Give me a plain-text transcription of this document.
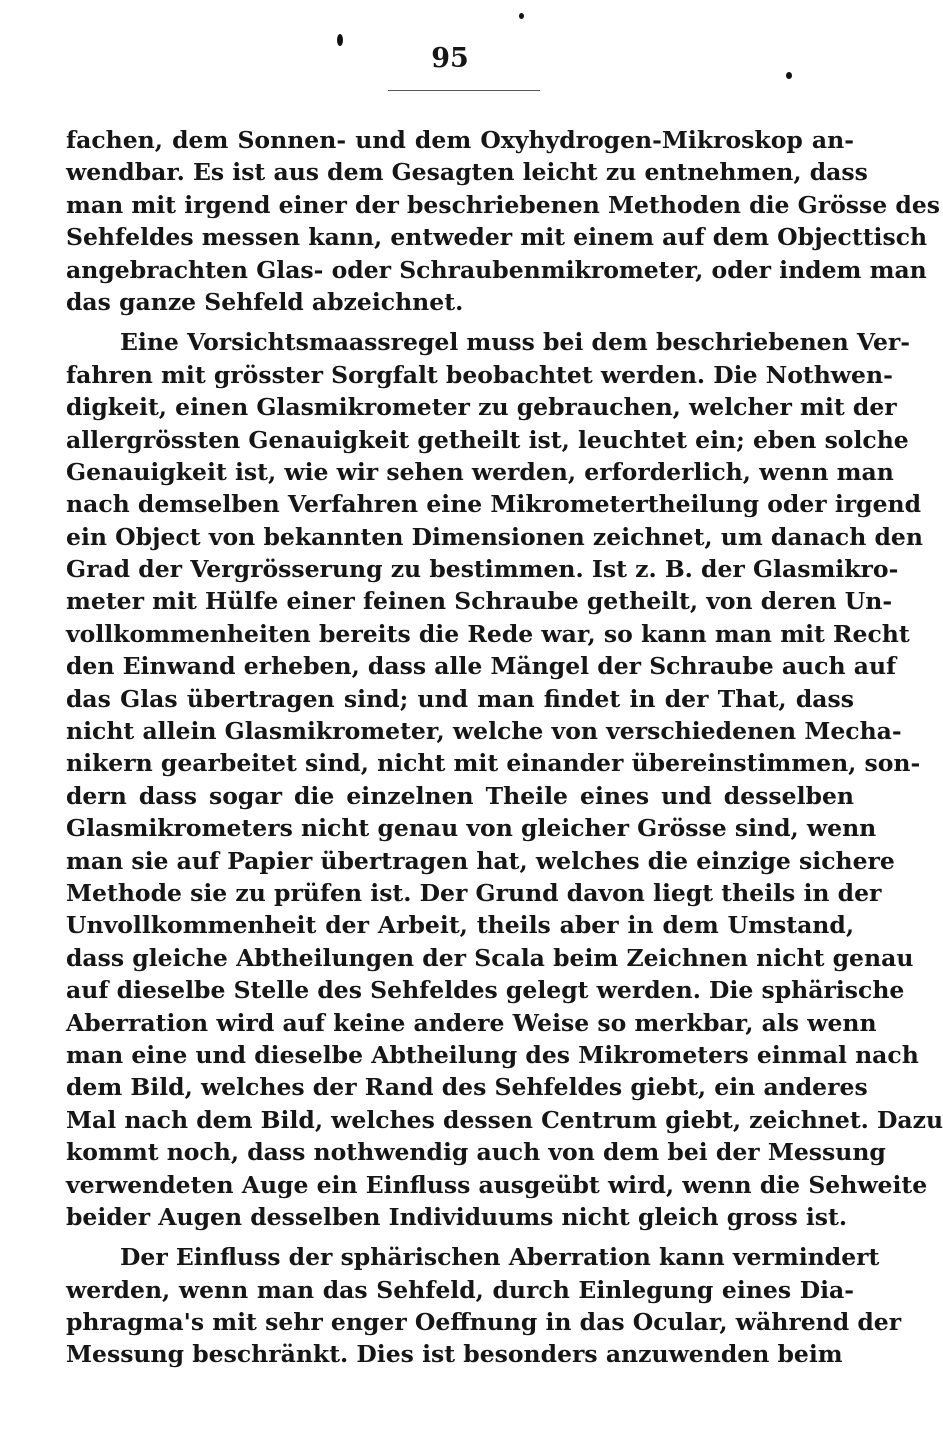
95
fachen, dem Sonnen- und dem Oxyhydrogen-Mikroskop an-
wendbar. Es ist aus dem Gesagten leicht zu entnehmen, dass
man mit irgend einer der beschriebenen Methoden die Grösse des
Sehfeldes messen kann, entweder mit einem auf dem Objecttisch
angebrachten Glas- oder Schraubenmikrometer, oder indem man
das ganze Sehfeld abzeichnet.
Eine Vorsichtsmaassregel muss bei dem beschriebenen Ver-
fahren mit grösster Sorgfalt beobachtet werden. Die Nothwen-
digkeit, einen Glasmikrometer zu gebrauchen, welcher mit der
allergrössten Genauigkeit getheilt ist, leuchtet ein; eben solche
Genauigkeit ist, wie wir sehen werden, erforderlich, wenn man
nach demselben Verfahren eine Mikrometertheilung oder irgend
ein Object von bekannten Dimensionen zeichnet, um danach den
Grad der Vergrösserung zu bestimmen. Ist z. B. der Glasmikro-
meter mit Hülfe einer feinen Schraube getheilt, von deren Un-
vollkommenheiten bereits die Rede war, so kann man mit Recht
den Einwand erheben, dass alle Mängel der Schraube auch auf
das Glas übertragen sind; und man findet in der That, dass
nicht allein Glasmikrometer, welche von verschiedenen Mecha-
nikern gearbeitet sind, nicht mit einander übereinstimmen, son-
dern dass sogar die einzelnen Theile eines und desselben
Glasmikrometers nicht genau von gleicher Grösse sind, wenn
man sie auf Papier übertragen hat, welches die einzige sichere
Methode sie zu prüfen ist. Der Grund davon liegt theils in der
Unvollkommenheit der Arbeit, theils aber in dem Umstand,
dass gleiche Abtheilungen der Scala beim Zeichnen nicht genau
auf dieselbe Stelle des Sehfeldes gelegt werden. Die sphärische
Aberration wird auf keine andere Weise so merkbar, als wenn
man eine und dieselbe Abtheilung des Mikrometers einmal nach
dem Bild, welches der Rand des Sehfeldes giebt, ein anderes
Mal nach dem Bild, welches dessen Centrum giebt, zeichnet. Dazu
kommt noch, dass nothwendig auch von dem bei der Messung
verwendeten Auge ein Einfluss ausgeübt wird, wenn die Sehweite
beider Augen desselben Individuums nicht gleich gross ist.
Der Einfluss der sphärischen Aberration kann vermindert
werden, wenn man das Sehfeld, durch Einlegung eines Dia-
phragma's mit sehr enger Oeffnung in das Ocular, während der
Messung beschränkt. Dies ist besonders anzuwenden beim
